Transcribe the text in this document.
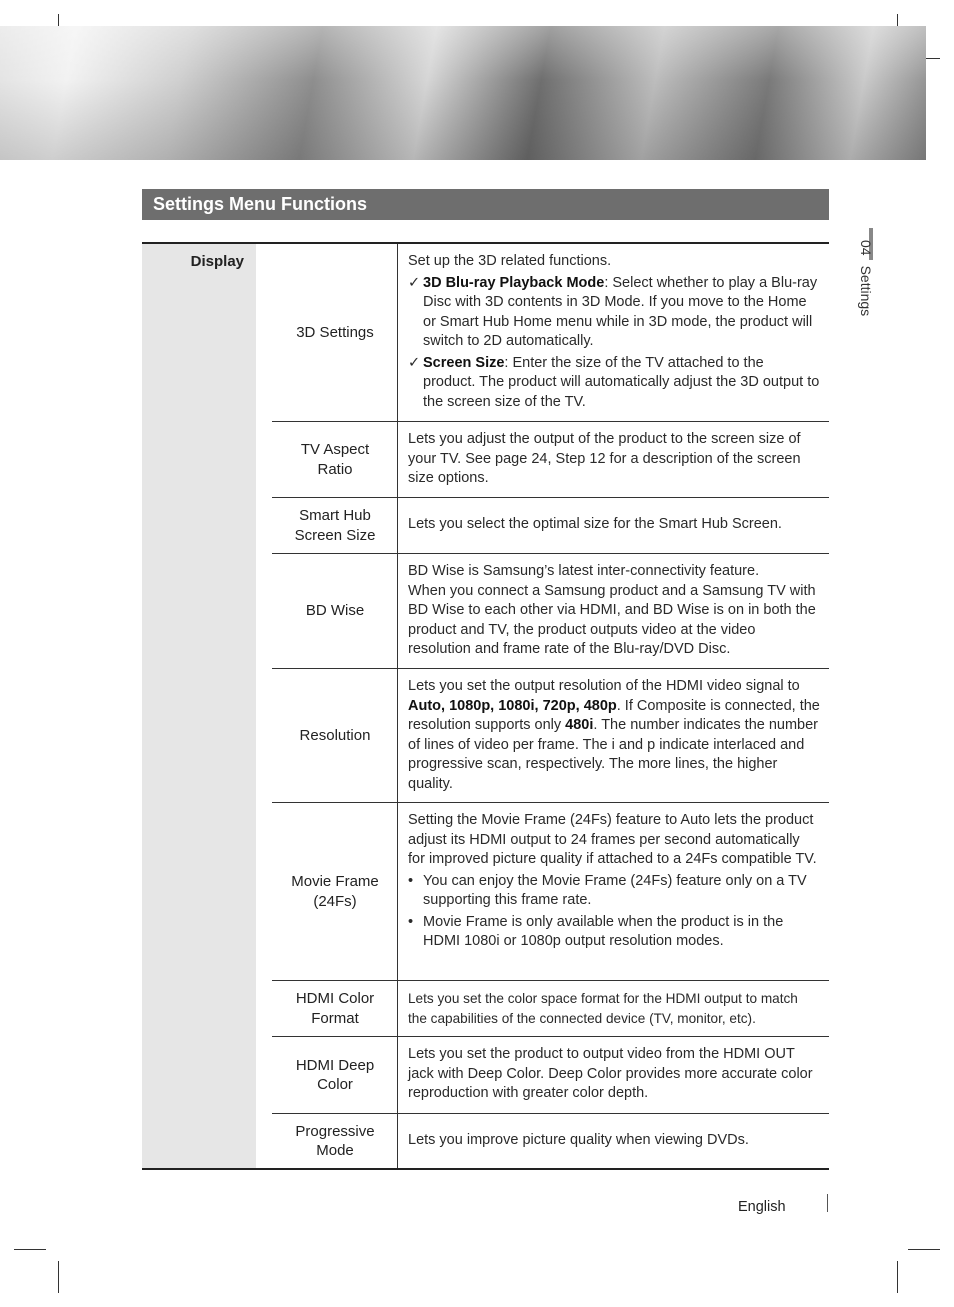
Settings Menu Functions
04Settings
Display
3D Settings

Set up the 3D related functions.

✓ 3D Blu-ray Playback Mode: Select whether to play a Blu-ray Disc with 3D contents in 3D Mode. If you move to the Home or Smart Hub Home menu while in 3D mode, the product will switch to 2D automatically.
✓ Screen Size: Enter the size of the TV attached to the product. The product will automatically adjust the 3D output to the screen size of the TV.
TV Aspect Ratio

Lets you adjust the output of the product to the screen size of your TV. See page 24, Step 12 for a description of the screen size options.

Smart Hub Screen Size

Lets you select the optimal size for the Smart Hub Screen.

BD Wise

BD Wise is Samsung’s latest inter-connectivity feature.

When you connect a Samsung product and a Samsung TV with BD Wise to each other via HDMI, and BD Wise is on in both the product and TV, the product outputs video at the video resolution and frame rate of the Blu-ray/DVD Disc.

Resolution

Lets you set the output resolution of the HDMI video signal to Auto, 1080p, 1080i, 720p, 480p. If Composite is connected, the resolution supports only 480i. The number indicates the number of lines of video per frame. The i and p indicate interlaced and progressive scan, respectively. The more lines, the higher quality.

Movie Frame (24Fs)

Setting the Movie Frame (24Fs) feature to Auto lets the product adjust its HDMI output to 24 frames per second automatically for improved picture quality if attached to a 24Fs compatible TV.

• You can enjoy the Movie Frame (24Fs) feature only on a TV supporting this frame rate.
• Movie Frame is only available when the product is in the HDMI 1080i or 1080p output resolution modes.
HDMI Color Format

Lets you set the color space format for the HDMI output to match the capabilities of the connected device (TV, monitor, etc).

HDMI Deep Color

Lets you set the product to output video from the HDMI OUT jack with Deep Color. Deep Color provides more accurate color reproduction with greater color depth.

Progressive Mode

Lets you improve picture quality when viewing DVDs.

English
